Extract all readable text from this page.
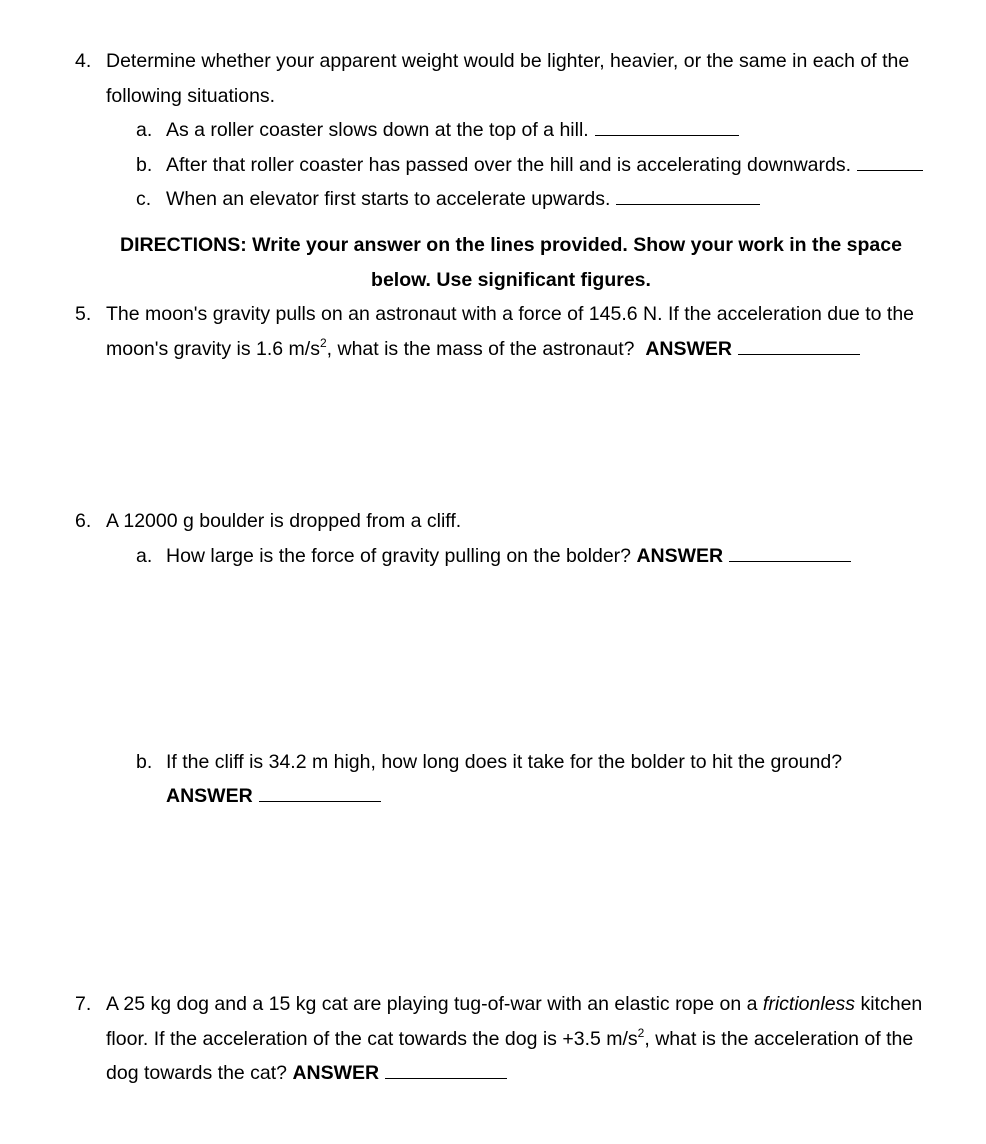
4. Determine whether your apparent weight would be lighter, heavier, or the same in each of the
following situations.
a. As a roller coaster slows down at the top of a hill.
b. After that roller coaster has passed over the hill and is accelerating downwards.
c. When an elevator first starts to accelerate upwards.
DIRECTIONS: Write your answer on the lines provided. Show your work in the space
below. Use significant figures.
5. The moon's gravity pulls on an astronaut with a force of 145.6 N. If the acceleration due to the
moon's gravity is 1.6 $m/s^2$, what is the mass of the astronaut? ANSWER
6. A 12000 g boulder is dropped from a cliff.
a. How large is the force of gravity pulling on the bolder? ANSWER
b. If the cliff is 34.2 m high, how long does it take for the bolder to hit the ground?
ANSWER
7. A 25 kg dog and a 15 kg cat are playing tug-of-war with an elastic rope on a frictionless kitchen
floor. If the acceleration of the cat towards the dog is +3.5 $m/s^2$, what is the acceleration of the
dog towards the cat? ANSWER
